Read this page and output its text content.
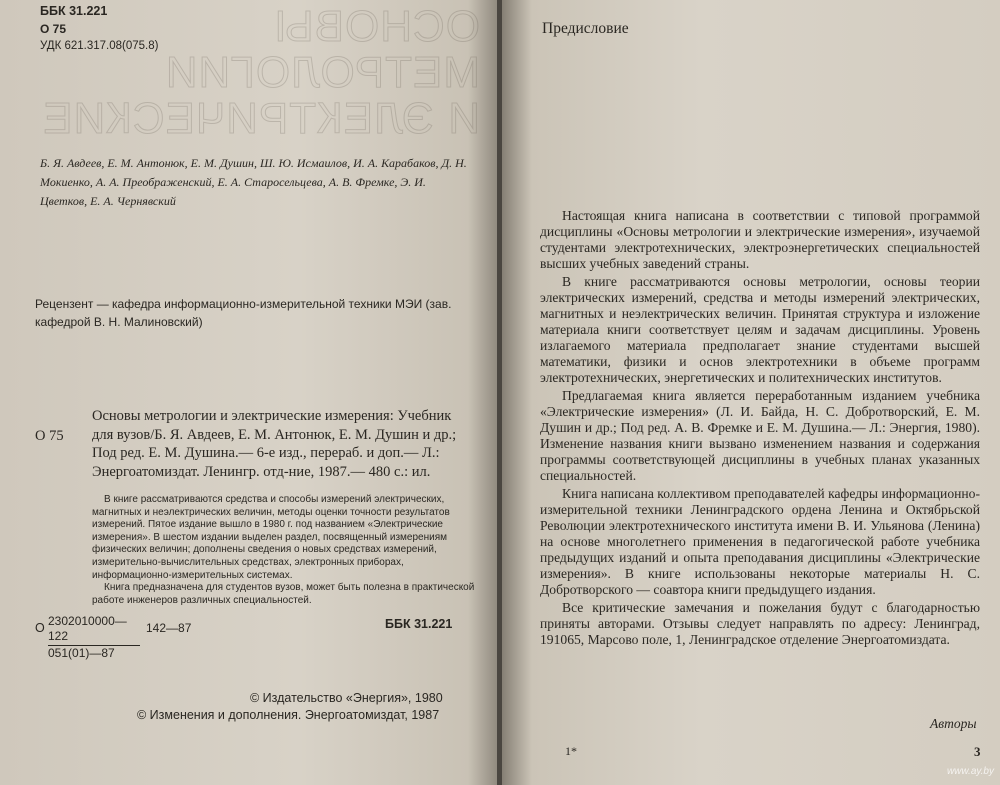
ОСНОВЫ
МЕТРОЛОГИИ
И ЭЛЕКТРИЧЕСКИЕ

ББК 31.221

О 75

УДК 621.317.08(075.8)

Б. Я. Авдеев, Е. М. Антонюк, Е. М. Душин, Ш. Ю. Исмаилов, И. А. Карабаков, Д. Н. Мокиенко, А. А. Преображенский, Е. А. Старосельцева, А. В. Фремке, Э. И. Цветков, Е. А. Чернявский

Рецензент — кафедра информационно-измерительной техники МЭИ (зав. кафедрой В. Н. Малиновский)

О 75

Основы метрологии и электрические измерения: Учебник для вузов/Б. Я. Авдеев, Е. М. Антонюк, Е. М. Душин и др.; Под ред. Е. М. Душина.— 6-е изд., перераб. и доп.— Л.: Энергоатомиздат. Ленингр. отд-ние, 1987.— 480 с.: ил.

В книге рассматриваются средства и способы измерений электрических, магнитных и неэлектрических величин, методы оценки точности результатов измерений. Пятое издание вышло в 1980 г. под названием «Электрические измерения». В шестом издании выделен раздел, посвященный измерениям физических величин; дополнены сведения о новых средствах измерений, измерительно-вычислительных средствах, электронных приборах, информационно-измерительных системах.

Книга предназначена для студентов вузов, может быть полезна в практической работе инженеров различных специальностей.

О $\frac{2302010000—122}{051(01)—87}$ 142—87	ББК 31.221

© Издательство «Энергия», 1980

© Изменения и дополнения. Энергоатомиздат, 1987

Предисловие

Настоящая книга написана в соответствии с типовой программой дисциплины «Основы метрологии и электрические измерения», изучаемой студентами электротехнических, электроэнергетических специальностей высших учебных заведений страны.

В книге рассматриваются основы метрологии, основы теории электрических измерений, средства и методы измерений электрических, магнитных и неэлектрических величин. Принятая структура и изложение материала книги соответствует целям и задачам дисциплины. Уровень излагаемого материала предполагает знание студентами высшей математики, физики и основ электротехники в объеме программ электротехнических, энергетических и политехнических институтов.

Предлагаемая книга является переработанным изданием учебника «Электрические измерения» (Л. И. Байда, Н. С. Добротворский, Е. М. Душин и др.; Под ред. А. В. Фремке и Е. М. Душина.— Л.: Энергия, 1980). Изменение названия книги вызвано изменением названия и содержания программы соответствующей дисциплины в учебных планах указанных специальностей.

Книга написана коллективом преподавателей кафедры информационно-измерительной техники Ленинградского ордена Ленина и Октябрьской Революции электротехнического института имени В. И. Ульянова (Ленина) на основе многолетнего применения в педагогической работе учебника предыдущих изданий и опыта преподавания дисциплины «Электрические измерения». В книге использованы некоторые материалы Н. С. Добротворского — соавтора книги предыдущего издания.

Все критические замечания и пожелания будут с благодарностью приняты авторами. Отзывы следует направлять по адресу: Ленинград, 191065, Марсово поле, 1, Ленинградское отделение Энергоатомиздата.

Авторы

1*	3

www.ay.by
